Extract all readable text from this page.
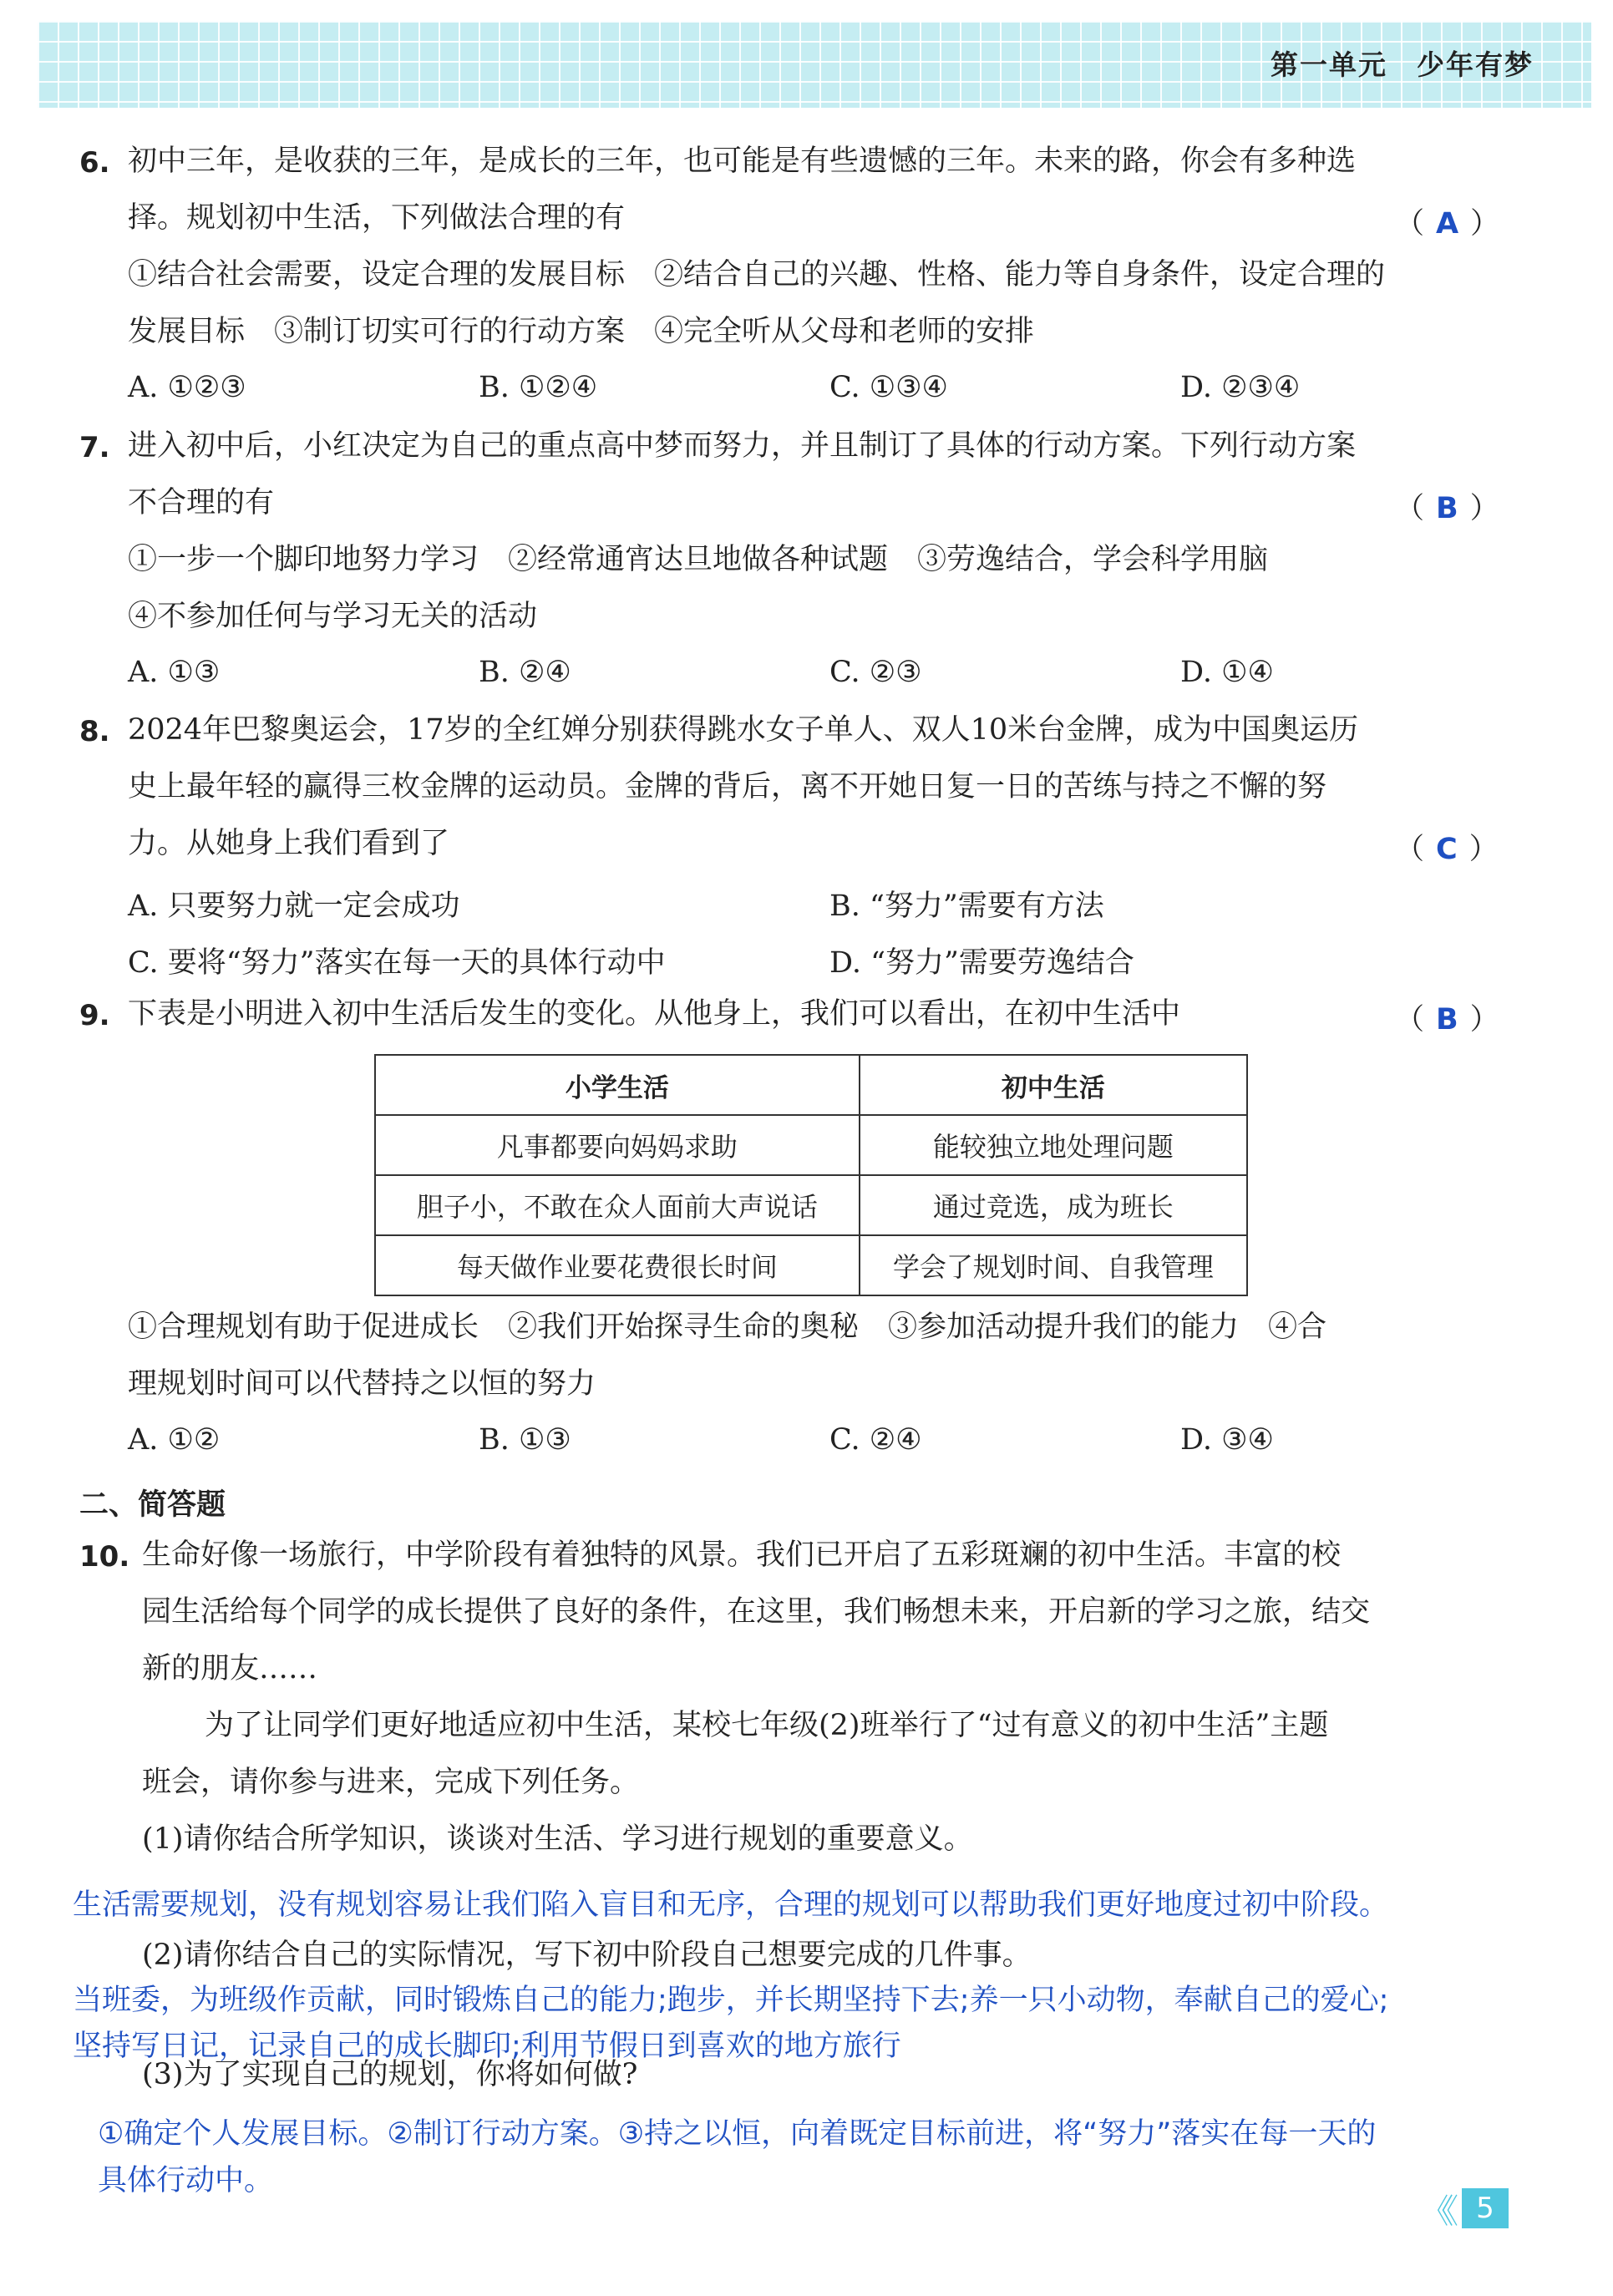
第一单元　少年有梦
6. 初中三年，是收获的三年，是成长的三年，也可能是有些遗憾的三年。未来的路，你会有多种选
择。规划初中生活，下列做法合理的有	（ A ）
①结合社会需要，设定合理的发展目标　②结合自己的兴趣、性格、能力等自身条件，设定合理的
发展目标　③制订切实可行的行动方案　④完全听从父母和老师的安排
A. ①②③	B. ①②④	C. ①③④	D. ②③④
7. 进入初中后，小红决定为自己的重点高中梦而努力，并且制订了具体的行动方案。下列行动方案
不合理的有	（ B ）
①一步一个脚印地努力学习　②经常通宵达旦地做各种试题　③劳逸结合，学会科学用脑
④不参加任何与学习无关的活动
A. ①③	B. ②④	C. ②③	D. ①④
8. 2024年巴黎奥运会，17岁的全红婵分别获得跳水女子单人、双人10米台金牌，成为中国奥运历
史上最年轻的赢得三枚金牌的运动员。金牌的背后，离不开她日复一日的苦练与持之不懈的努
力。从她身上我们看到了	（ C ）
A. 只要努力就一定会成功	B. “努力”需要有方法
C. 要将“努力”落实在每一天的具体行动中	D. “努力”需要劳逸结合
9. 下表是小明进入初中生活后发生的变化。从他身上，我们可以看出，在初中生活中	（ B ）
小学生活	初中生活
凡事都要向妈妈求助	能较独立地处理问题
胆子小，不敢在众人面前大声说话	通过竞选，成为班长
每天做作业要花费很长时间	学会了规划时间、自我管理
①合理规划有助于促进成长　②我们开始探寻生命的奥秘　③参加活动提升我们的能力　④合
理规划时间可以代替持之以恒的努力
A. ①②	B. ①③	C. ②④	D. ③④
二、简答题
10. 生命好像一场旅行，中学阶段有着独特的风景。我们已开启了五彩斑斓的初中生活。丰富的校
园生活给每个同学的成长提供了良好的条件，在这里，我们畅想未来，开启新的学习之旅，结交
新的朋友……
为了让同学们更好地适应初中生活，某校七年级(2)班举行了“过有意义的初中生活”主题
班会，请你参与进来，完成下列任务。
(1)请你结合所学知识，谈谈对生活、学习进行规划的重要意义。
生活需要规划，没有规划容易让我们陷入盲目和无序，合理的规划可以帮助我们更好地度过初中阶段。
(2)请你结合自己的实际情况，写下初中阶段自己想要完成的几件事。
当班委，为班级作贡献，同时锻炼自己的能力;跑步，并长期坚持下去;养一只小动物，奉献自己的爱心;
坚持写日记，记录自己的成长脚印;利用节假日到喜欢的地方旅行
(3)为了实现自己的规划，你将如何做?
①确定个人发展目标。②制订行动方案。③持之以恒，向着既定目标前进，将“努力”落实在每一天的
具体行动中。
《《	5
